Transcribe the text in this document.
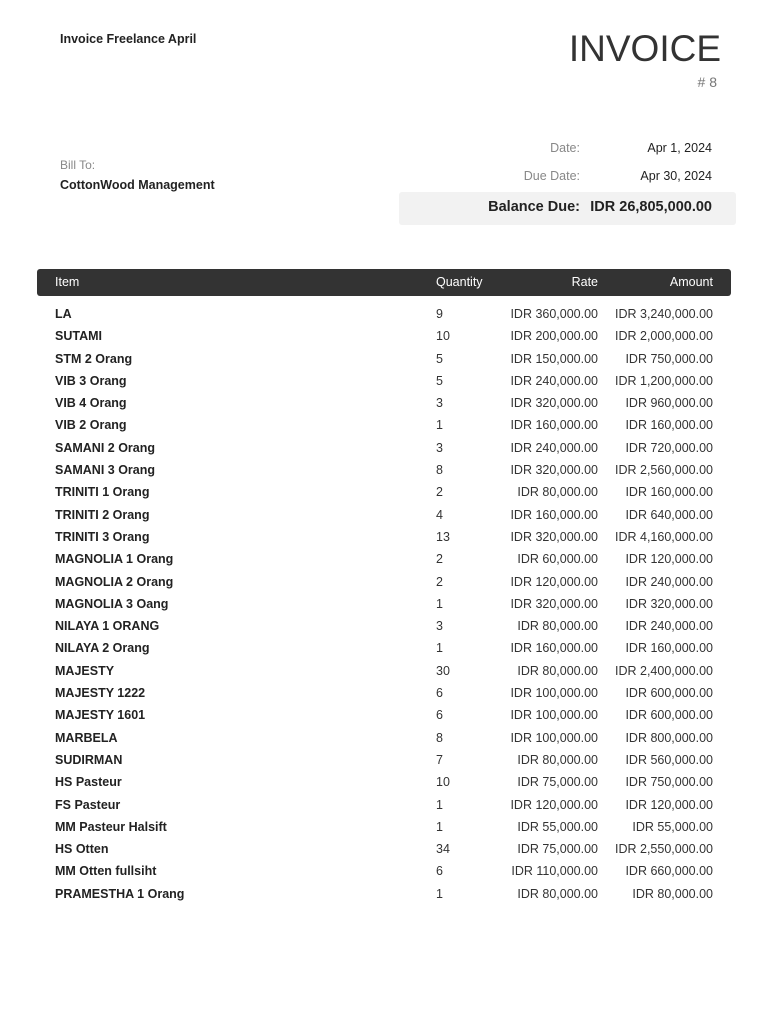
Invoice Freelance April	INVOICE
# 8
Bill To:
CottonWood Management
Date:	Apr 1, 2024
Due Date:	Apr 30, 2024
Balance Due: IDR 26,805,000.00
Item	Quantity	Rate	Amount
LA	9	IDR 360,000.00 IDR 3,240,000.00
SUTAMI	10	IDR 200,000.00 IDR 2,000,000.00
STM 2 Orang	5	IDR 150,000.00 IDR 750,000.00
VIB 3 Orang	5	IDR 240,000.00 IDR 1,200,000.00
VIB 4 Orang	3	IDR 320,000.00 IDR 960,000.00
VIB 2 Orang	1	IDR 160,000.00 IDR 160,000.00
SAMANI 2 Orang	3	IDR 240,000.00 IDR 720,000.00
SAMANI 3 Orang	8	IDR 320,000.00 IDR 2,560,000.00
TRINITI 1 Orang	2	IDR 80,000.00 IDR 160,000.00
TRINITI 2 Orang	4	IDR 160,000.00 IDR 640,000.00
TRINITI 3 Orang	13	IDR 320,000.00 IDR 4,160,000.00
MAGNOLIA 1 Orang	2	IDR 60,000.00 IDR 120,000.00
MAGNOLIA 2 Orang	2	IDR 120,000.00 IDR 240,000.00
MAGNOLIA 3 Oang	1	IDR 320,000.00 IDR 320,000.00
NILAYA 1 ORANG	3	IDR 80,000.00 IDR 240,000.00
NILAYA 2 Orang	1	IDR 160,000.00 IDR 160,000.00
MAJESTY	30	IDR 80,000.00 IDR 2,400,000.00
MAJESTY 1222	6	IDR 100,000.00 IDR 600,000.00
MAJESTY 1601	6	IDR 100,000.00 IDR 600,000.00
MARBELA	8	IDR 100,000.00 IDR 800,000.00
SUDIRMAN	7	IDR 80,000.00 IDR 560,000.00
HS Pasteur	10	IDR 75,000.00 IDR 750,000.00
FS Pasteur	1	IDR 120,000.00 IDR 120,000.00
MM Pasteur Halsift	1	IDR 55,000.00	IDR 55,000.00
HS Otten	34	IDR 75,000.00 IDR 2,550,000.00
MM Otten fullsiht	6	IDR 110,000.00 IDR 660,000.00
PRAMESTHA 1 Orang	1	IDR 80,000.00	IDR 80,000.00
